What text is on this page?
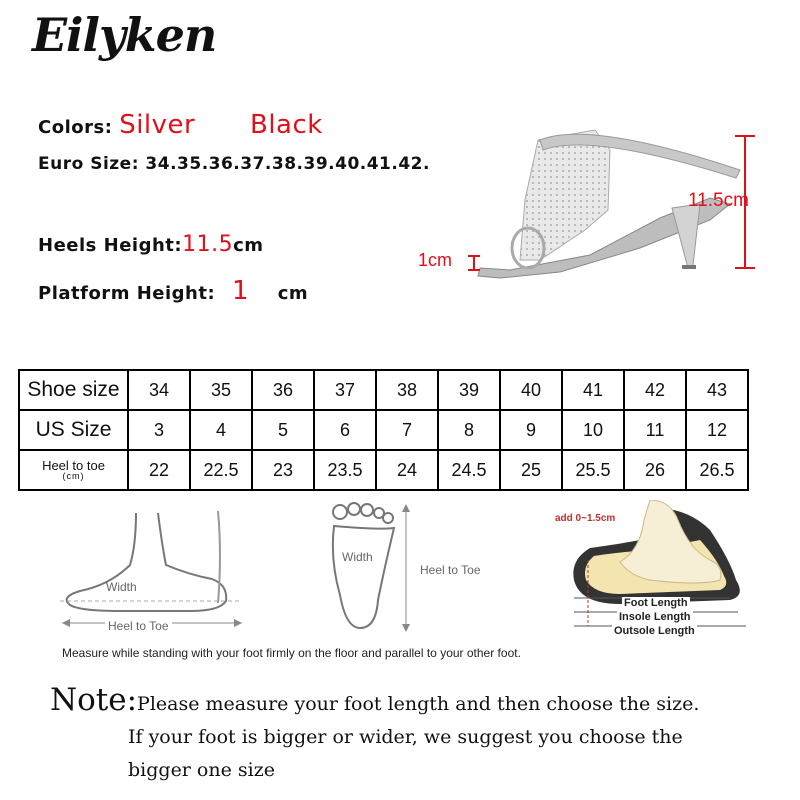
Eilyken
Colors: Silver Black
Euro Size: 34.35.36.37.38.39.40.41.42.
Heels Height:11.5cm
Platform Height: 1 cm
11.5cm
1cm
Shoe size	34	35	36	37	38	39	40	41	42	43
US Size	3	4	5	6	7	8	9	10	11	12

Heel to toe
(cm)	22	22.5	23	23.5	24	24.5	25	25.5	26	26.5
Width
Heel to Toe
Width
Heel to Toe
add 0~1.5cm
Foot Length
Insole Length
Outsole Length
Measure while standing with your foot firmly on the floor and parallel to your other foot.
Note:Please measure your foot length and then choose the size.
If your foot is bigger or wider, we suggest you choose the
bigger one size
